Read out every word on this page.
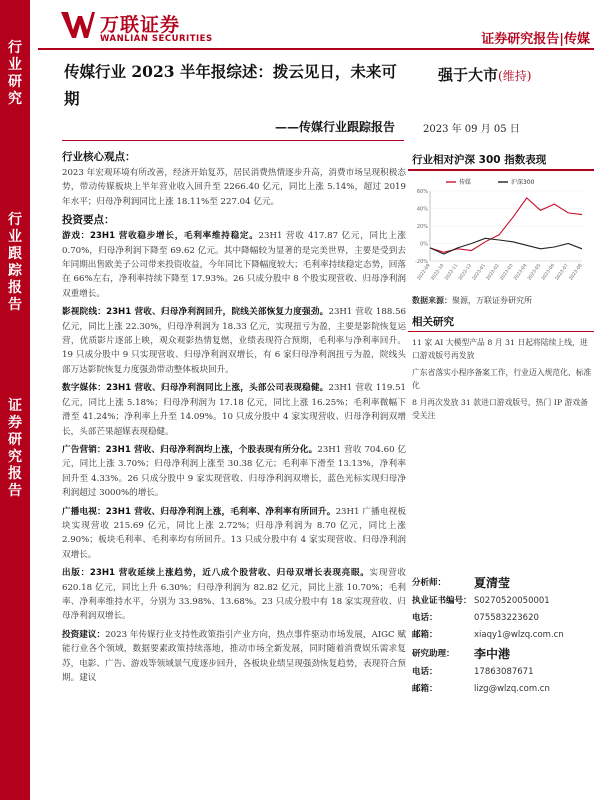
行业研究
行业跟踪报告
证券研究报告
万联证券
WANLIAN SECURITIES	证券研究报告|传媒
传媒行业 2023 半年报综述：拨云见日，未来可期
——传媒行业跟踪报告
强于大市(维持)
2023 年 09 月 05 日
行业核心观点：
2023 年宏观环境有所改善，经济开始复苏，居民消费热情逐步升高，消费市场呈现积极态势，带动传媒板块上半年营业收入回升至 2266.40 亿元，同比上涨 5.14%，超过 2019 年水平；归母净利润同比上涨 18.11%至 227.04 亿元。
投资要点：
游戏：23H1 营收稳步增长，毛利率维持稳定。23H1 营收 417.87 亿元，同比上涨 0.70%，归母净利润下降至 69.62 亿元。其中降幅较为显著的是完美世界，主要是受到去年同期出售欧美子公司带来投资收益，今年同比下降幅度较大；毛利率持续稳定态势，回落在 66%左右，净利率持续下降至 17.93%。26 只成分股中 8 个股实现营收、归母净利润双重增长。
影视院线：23H1 营收、归母净利润回升，院线关部恢复力度强劲。23H1 营收 188.56 亿元，同比上涨 22.30%，归母净利润为 18.33 亿元，实现扭亏为盈，主要是影院恢复运营，优质影片逐部上映，观众观影热情复燃，业绩表现符合预期，毛利率与净利率回升。19 只成分股中 9 只实现营收、归母净利润双增长，有 6 家归母净利润扭亏为盈，院线头部万达影院恢复力度强劲带动整体板块回升。
数字媒体：23H1 营收、归母净利润同比上涨，头部公司表现稳健。23H1 营收 119.51 亿元，同比上涨 5.18%；归母净利润为 17.18 亿元，同比上涨 16.25%；毛利率微幅下滑至 41.24%；净利率上升至 14.09%。10 只成分股中 4 家实现营收、归母净利润双增长，头部芒果超媒表现稳健。
广告营销：23H1 营收、归母净利润均上涨，个股表现有所分化。23H1 营收 704.60 亿元，同比上涨 3.70%；归母净利润上涨至 30.38 亿元；毛利率下滑至 13.13%，净利率回升至 4.33%。26 只成分股中 9 家实现营收、归母净利润双增长，蓝色光标实现归母净利润超过 3000%的增长。
广播电视：23H1 营收、归母净利润上涨，毛利率、净利率有所回升。23H1 广播电视板块实现营收 215.69 亿元，同比上涨 2.72%；归母净利润为 8.70 亿元，同比上涨 2.90%；板块毛利率、毛利率均有所回升。13 只成分股中有 4 家实现营收、归母净利润双增长。
出版：23H1 营收延续上涨趋势，近八成个股营收、归母双增长表现亮眼。实现营收 620.18 亿元，同比上升 6.30%；归母净利润为 82.82 亿元，同比上涨 10.70%；毛利率、净利率维持水平，分别为 33.98%、13.68%。23 只成分股中有 18 家实现营收、归母净利润双增长。
投资建议：2023 年传媒行业支持性政策指引产业方向，热点事件驱动市场发展，AIGC 赋能行业各个领域，数据要素政策持续落地，推动市场全新发展，同时随着消费娱乐需求复苏，电影、广告、游戏等领域景气度逐步回升，各板块业绩呈现强劲恢复趋势，表现符合预期。建议
行业相对沪深 300 指数表现
-20%
0%
20%
40%
60%
2022-09
2022-10
2022-11
2022-12
2023-01
2023-02
2023-03
2023-04
2023-05
2023-06
2023-07
2023-08
传媒	沪深300
数据来源：聚源，万联证券研究所
相关研究
11 家 AI 大模型产品 8 月 31 日起将陆续上线，进口游戏版号再发放
广东省落实小程序备案工作，行业迈入规范化、标准化
8 月再次发放 31 款进口游戏版号，热门 IP 游戏备受关注
分析师：	夏清莹
执业证书编号： S0270520050001
电话：	075583223620
邮箱：	xiaqy1@wlzq.com.cn
研究助理：	李中港
电话：	17863087671
邮箱：	lizg@wlzq.com.cn
